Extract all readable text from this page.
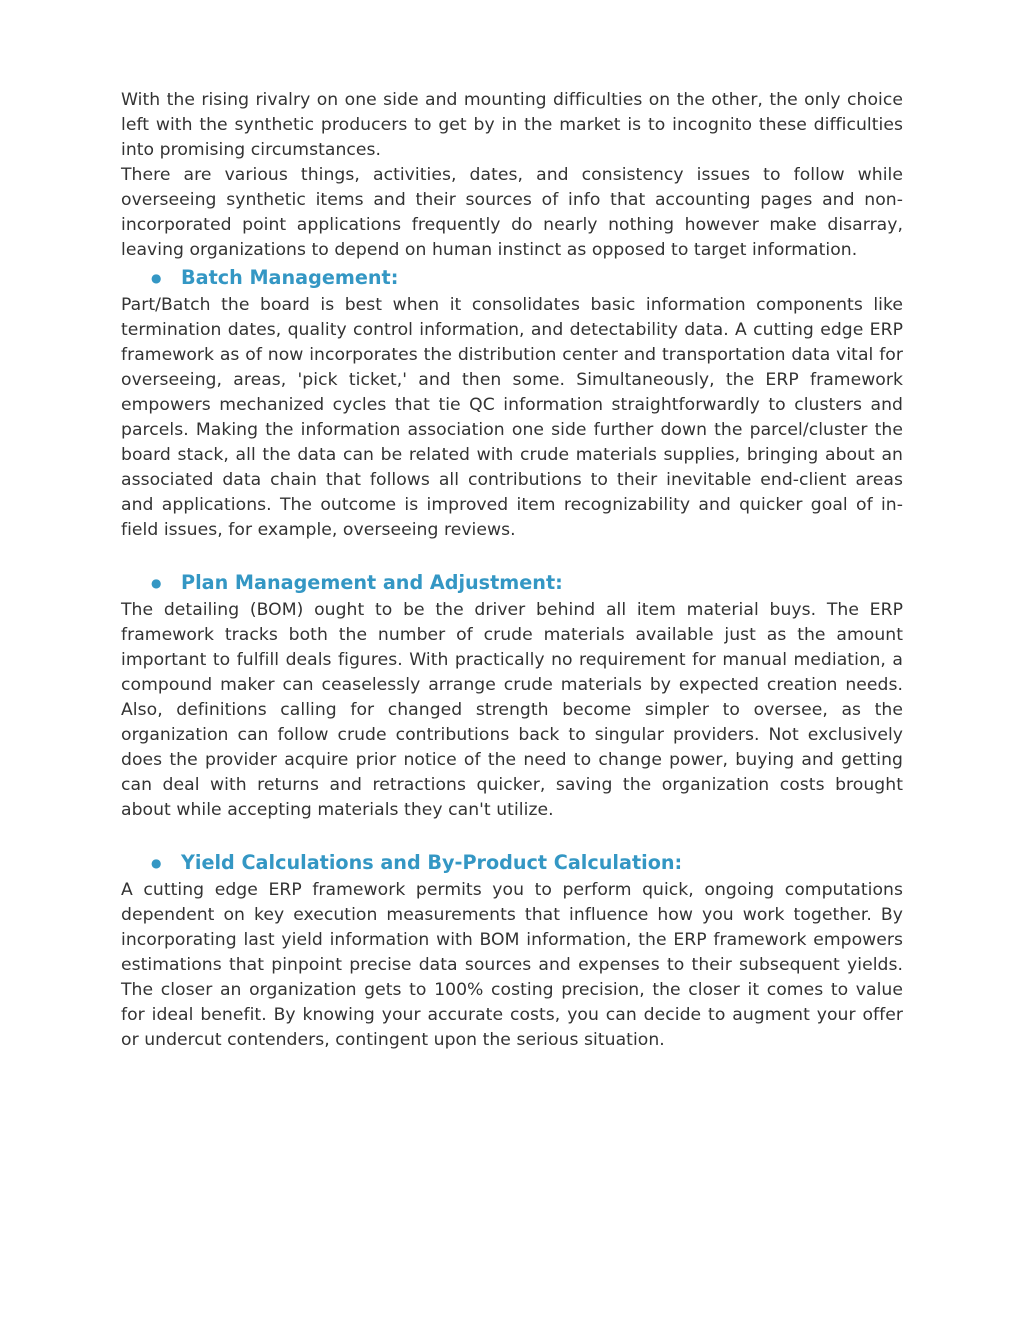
With the rising rivalry on one side and mounting difficulties on the other, the only choice left with the synthetic producers to get by in the market is to incognito these difficulties into promising circumstances.

There are various things, activities, dates, and consistency issues to follow while overseeing synthetic items and their sources of info that accounting pages and non-incorporated point applications frequently do nearly nothing however make disarray, leaving organizations to depend on human instinct as opposed to target information.

●	Batch Management:

Part/Batch the board is best when it consolidates basic information components like termination dates, quality control information, and detectability data. A cutting edge ERP framework as of now incorporates the distribution center and transportation data vital for overseeing, areas, 'pick ticket,' and then some. Simultaneously, the ERP framework empowers mechanized cycles that tie QC information straightforwardly to clusters and parcels. Making the information association one side further down the parcel/cluster the board stack, all the data can be related with crude materials supplies, bringing about an associated data chain that follows all contributions to their inevitable end-client areas and applications. The outcome is improved item recognizability and quicker goal of in-field issues, for example, overseeing reviews.

●	Plan Management and Adjustment:

The detailing (BOM) ought to be the driver behind all item material buys. The ERP framework tracks both the number of crude materials available just as the amount important to fulfill deals figures. With practically no requirement for manual mediation, a compound maker can ceaselessly arrange crude materials by expected creation needs. Also, definitions calling for changed strength become simpler to oversee, as the organization can follow crude contributions back to singular providers. Not exclusively does the provider acquire prior notice of the need to change power, buying and getting can deal with returns and retractions quicker, saving the organization costs brought about while accepting materials they can't utilize.

●	Yield Calculations and By-Product Calculation:

A cutting edge ERP framework permits you to perform quick, ongoing computations dependent on key execution measurements that influence how you work together. By incorporating last yield information with BOM information, the ERP framework empowers estimations that pinpoint precise data sources and expenses to their subsequent yields. The closer an organization gets to 100% costing precision, the closer it comes to value for ideal benefit. By knowing your accurate costs, you can decide to augment your offer or undercut contenders, contingent upon the serious situation.
